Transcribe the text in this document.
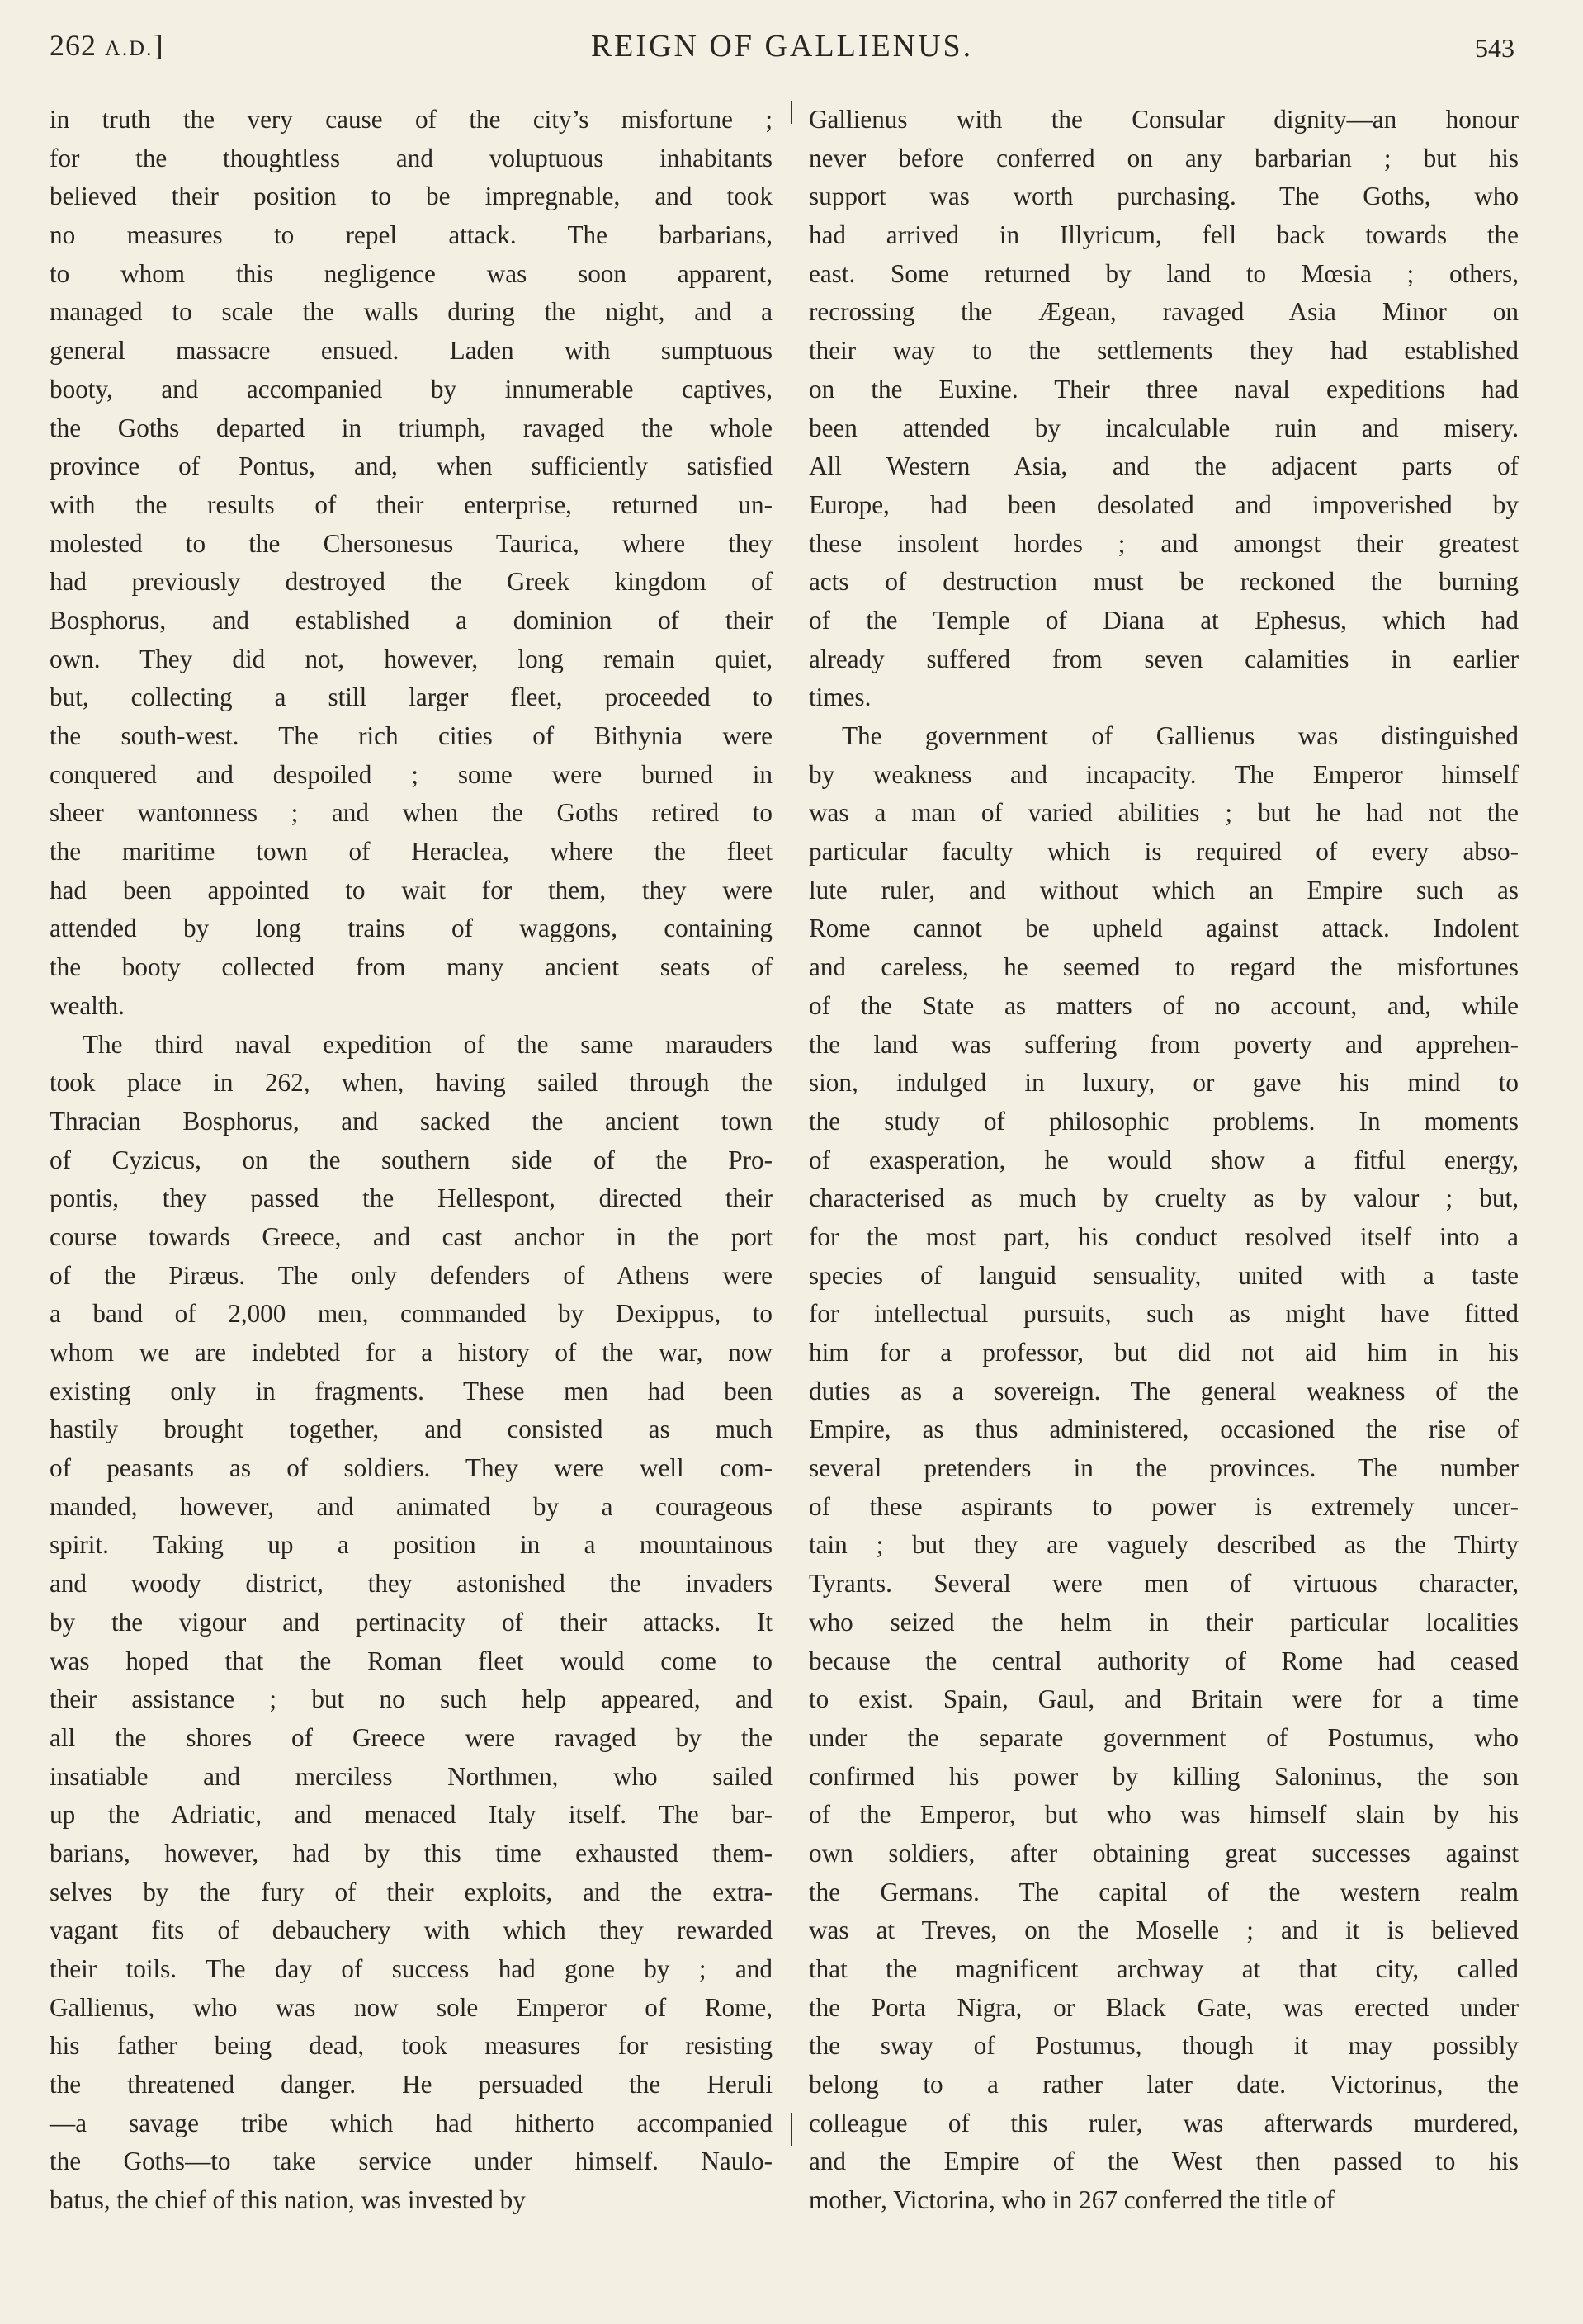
262 A.D.]	REIGN OF GALLIENUS.	543

in truth the very cause of the city’s misfortune ;
for the thoughtless and voluptuous inhabitants
believed their position to be impregnable, and took
no measures to repel attack. The barbarians,
to whom this negligence was soon apparent,
managed to scale the walls during the night, and a
general massacre ensued. Laden with sumptuous
booty, and accompanied by innumerable captives,
the Goths departed in triumph, ravaged the whole
province of Pontus, and, when sufficiently satisfied
with the results of their enterprise, returned un-
molested to the Chersonesus Taurica, where they
had previously destroyed the Greek kingdom of
Bosphorus, and established a dominion of their
own. They did not, however, long remain quiet,
but, collecting a still larger fleet, proceeded to
the south-west. The rich cities of Bithynia were
conquered and despoiled ; some were burned in
sheer wantonness ; and when the Goths retired to
the maritime town of Heraclea, where the fleet
had been appointed to wait for them, they were
attended by long trains of waggons, containing
the booty collected from many ancient seats of
wealth.

The third naval expedition of the same marauders
took place in 262, when, having sailed through the
Thracian Bosphorus, and sacked the ancient town
of Cyzicus, on the southern side of the Pro-
pontis, they passed the Hellespont, directed their
course towards Greece, and cast anchor in the port
of the Piræus. The only defenders of Athens were
a band of 2,000 men, commanded by Dexippus, to
whom we are indebted for a history of the war, now
existing only in fragments. These men had been
hastily brought together, and consisted as much
of peasants as of soldiers. They were well com-
manded, however, and animated by a courageous
spirit. Taking up a position in a mountainous
and woody district, they astonished the invaders
by the vigour and pertinacity of their attacks. It
was hoped that the Roman fleet would come to
their assistance ; but no such help appeared, and
all the shores of Greece were ravaged by the
insatiable and merciless Northmen, who sailed
up the Adriatic, and menaced Italy itself. The bar-
barians, however, had by this time exhausted them-
selves by the fury of their exploits, and the extra-
vagant fits of debauchery with which they rewarded
their toils. The day of success had gone by ; and
Gallienus, who was now sole Emperor of Rome,
his father being dead, took measures for resisting
the threatened danger. He persuaded the Heruli
—a savage tribe which had hitherto accompanied
the Goths—to take service under himself. Naulo-
batus, the chief of this nation, was invested by

Gallienus with the Consular dignity—an honour
never before conferred on any barbarian ; but his
support was worth purchasing. The Goths, who
had arrived in Illyricum, fell back towards the
east. Some returned by land to Mœsia ; others,
recrossing the Ægean, ravaged Asia Minor on
their way to the settlements they had established
on the Euxine. Their three naval expeditions had
been attended by incalculable ruin and misery.
All Western Asia, and the adjacent parts of
Europe, had been desolated and impoverished by
these insolent hordes ; and amongst their greatest
acts of destruction must be reckoned the burning
of the Temple of Diana at Ephesus, which had
already suffered from seven calamities in earlier
times.

The government of Gallienus was distinguished
by weakness and incapacity. The Emperor himself
was a man of varied abilities ; but he had not the
particular faculty which is required of every abso-
lute ruler, and without which an Empire such as
Rome cannot be upheld against attack. Indolent
and careless, he seemed to regard the misfortunes
of the State as matters of no account, and, while
the land was suffering from poverty and apprehen-
sion, indulged in luxury, or gave his mind to
the study of philosophic problems. In moments
of exasperation, he would show a fitful energy,
characterised as much by cruelty as by valour ; but,
for the most part, his conduct resolved itself into a
species of languid sensuality, united with a taste
for intellectual pursuits, such as might have fitted
him for a professor, but did not aid him in his
duties as a sovereign. The general weakness of the
Empire, as thus administered, occasioned the rise of
several pretenders in the provinces. The number
of these aspirants to power is extremely uncer-
tain ; but they are vaguely described as the Thirty
Tyrants. Several were men of virtuous character,
who seized the helm in their particular localities
because the central authority of Rome had ceased
to exist. Spain, Gaul, and Britain were for a time
under the separate government of Postumus, who
confirmed his power by killing Saloninus, the son
of the Emperor, but who was himself slain by his
own soldiers, after obtaining great successes against
the Germans. The capital of the western realm
was at Treves, on the Moselle ; and it is believed
that the magnificent archway at that city, called
the Porta Nigra, or Black Gate, was erected under
the sway of Postumus, though it may possibly
belong to a rather later date. Victorinus, the
colleague of this ruler, was afterwards murdered,
and the Empire of the West then passed to his
mother, Victorina, who in 267 conferred the title of
